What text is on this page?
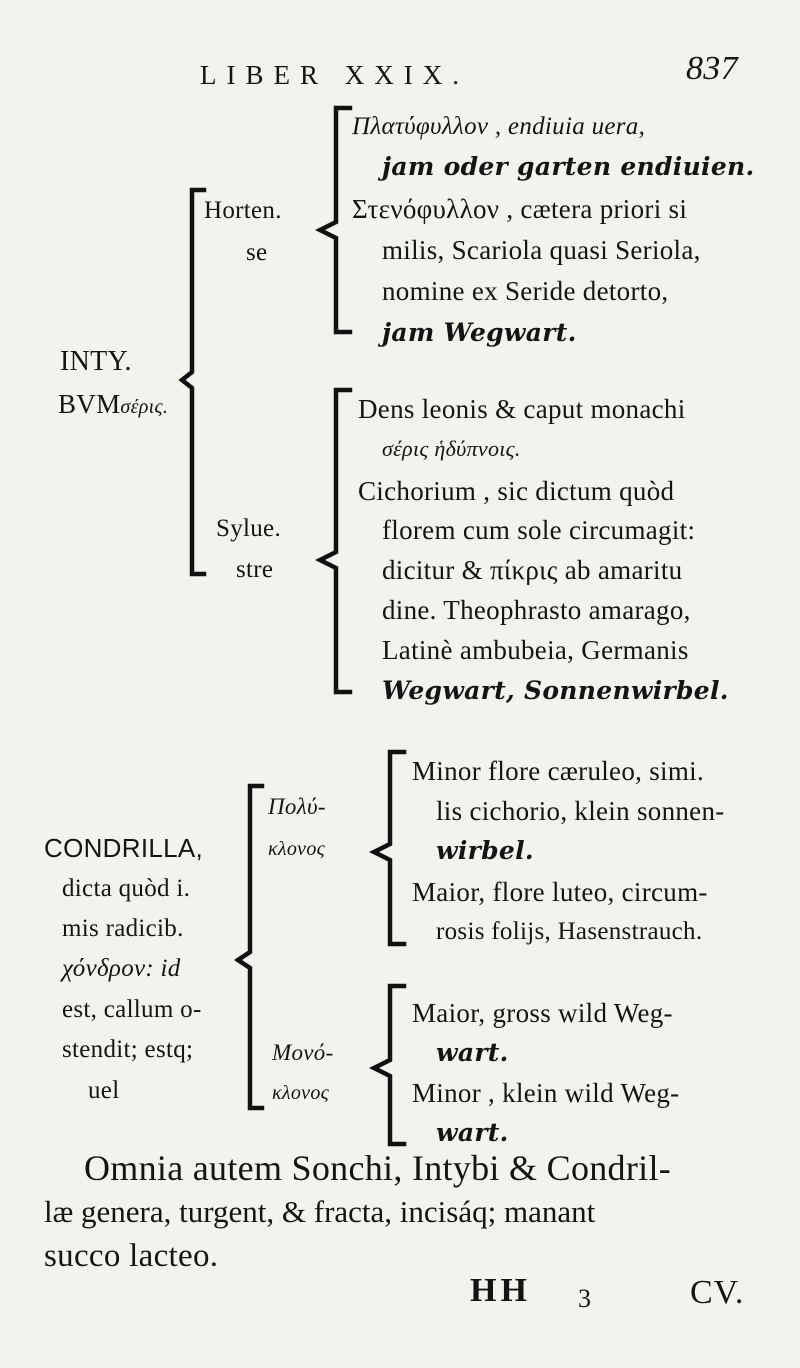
LIBER XXIX.	837
INTY.
BVMσέρις.
Horten.
se
Πλατύφυλλον , endiuia uera,
jam oder garten endiuien.
Στενόφυλλον , cætera priori si
milis, Scariola quasi Seriola,
nomine ex Seride detorto,
jam Wegwart.
Sylue.
stre
Dens leonis & caput monachi
σέρις ἡδύπνοις.
Cichorium , sic dictum quòd
florem cum sole circumagit:
dicitur & πίκρις ab amaritu
dine. Theophrasto amarago,
Latinè ambubeia, Germanis
Wegwart, Sonnenwirbel.
CONDRILLA,
dicta quòd i.
mis radicib.
χόνδρον: id
est, callum o-
stendit; estq;
uel
Πολύ-
κλονος
Minor flore cæruleo, simi.
lis cichorio, klein sonnen-
wirbel.
Maior, flore luteo, circum-
rosis folijs, Hasenstrauch.
Μονό-
κλονος
Maior, gross wild Weg-
wart.
Minor , klein wild Weg-
wart.
Omnia autem Sonchi, Intybi & Condril-
læ genera, turgent, & fracta, incisáq; manant
succo lacteo.
HH 3	CV.
